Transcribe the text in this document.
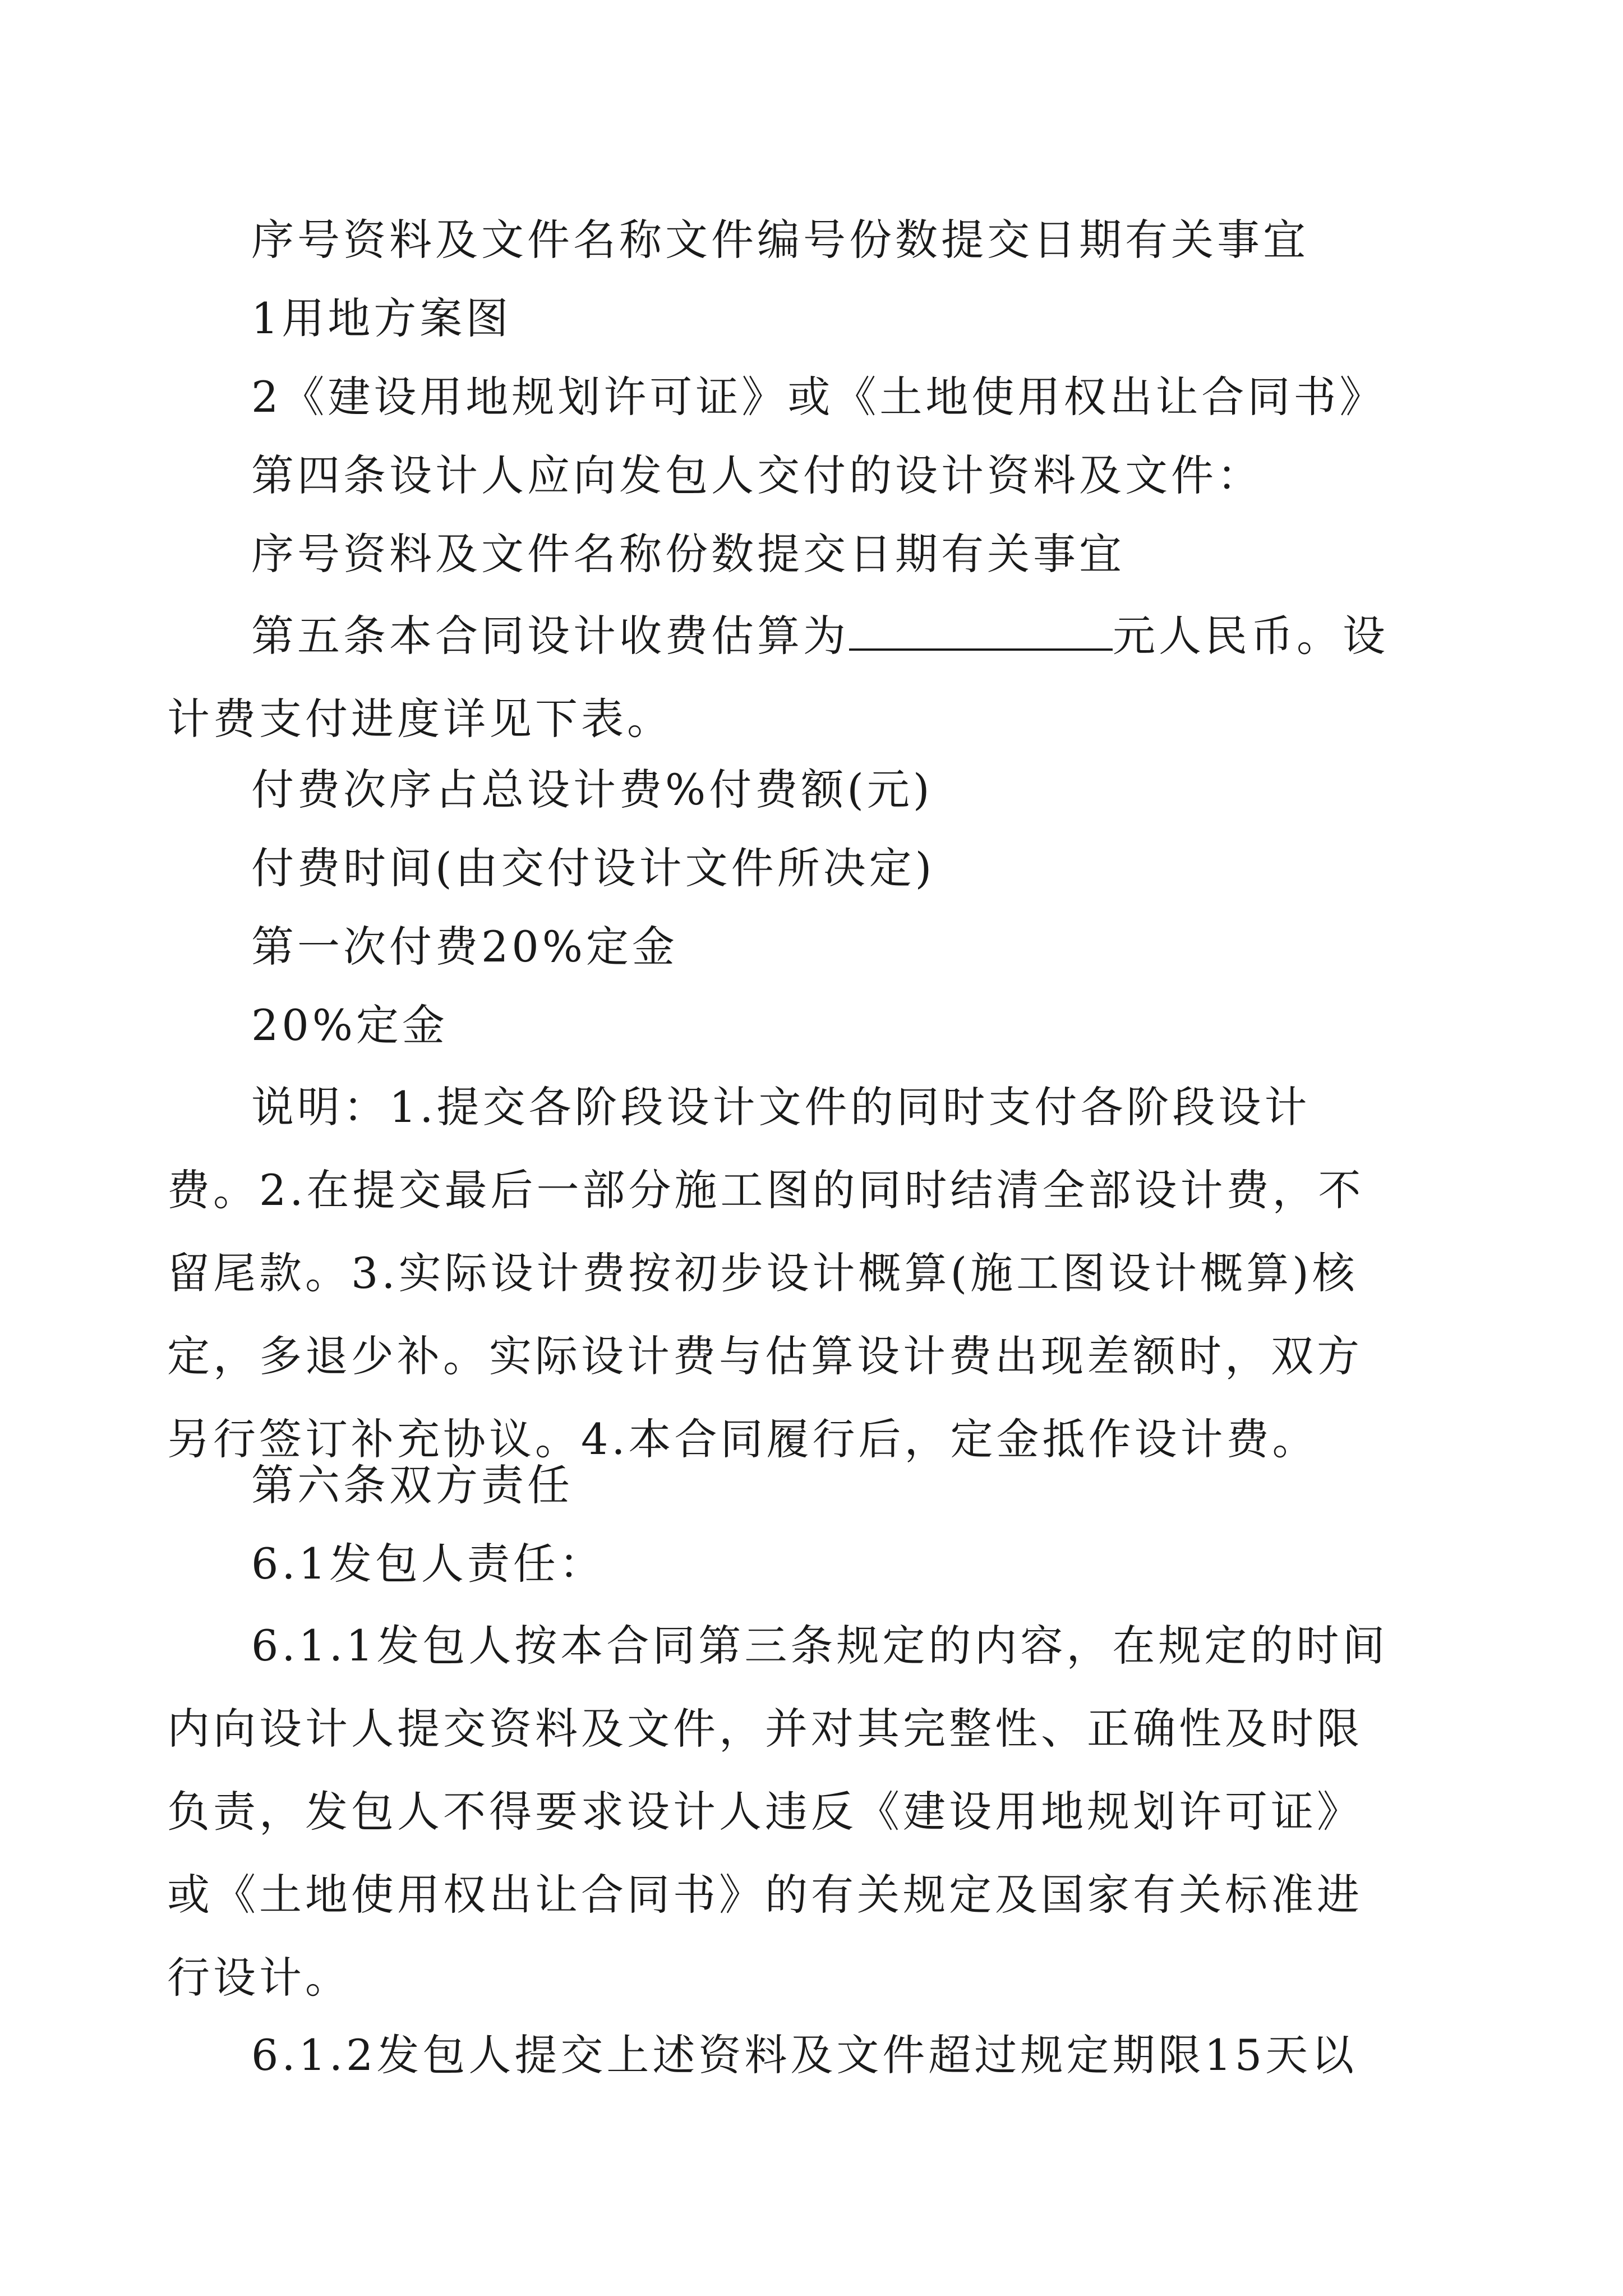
序号资料及文件名称文件编号份数提交日期有关事宜
1用地方案图
2《建设用地规划许可证》或《土地使用权出让合同书》
第四条设计人应向发包人交付的设计资料及文件：
序号资料及文件名称份数提交日期有关事宜
第五条本合同设计收费估算为	元人民币。设计费支付进度详见下表。
付费次序占总设计费%付费额(元)
付费时间(由交付设计文件所决定)
第一次付费20%定金
20%定金
说明：1.提交各阶段设计文件的同时支付各阶段设计费。2.在提交最后一部分施工图的同时结清全部设计费，不留尾款。3.实际设计费按初步设计概算(施工图设计概算)核定，多退少补。实际设计费与估算设计费出现差额时，双方另行签订补充协议。4.本合同履行后，定金抵作设计费。
第六条双方责任
6.1发包人责任：
6.1.1发包人按本合同第三条规定的内容，在规定的时间内向设计人提交资料及文件，并对其完整性、正确性及时限负责，发包人不得要求设计人违反《建设用地规划许可证》或《土地使用权出让合同书》的有关规定及国家有关标准进行设计。
6.1.2发包人提交上述资料及文件超过规定期限15天以
